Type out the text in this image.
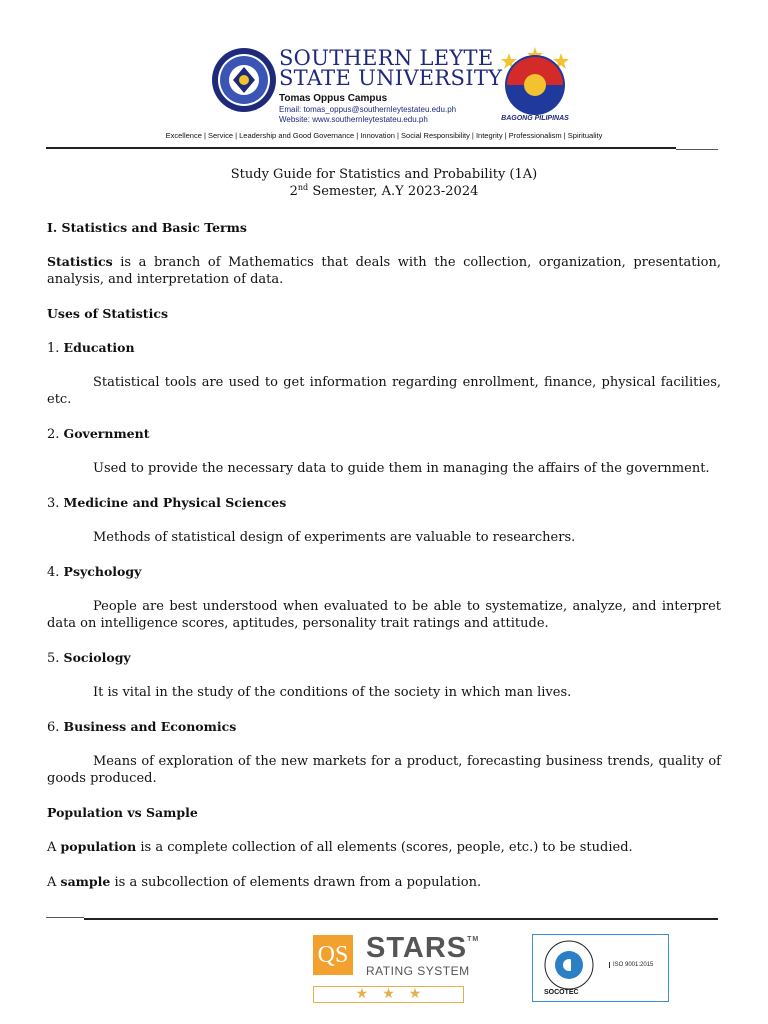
SOUTHERN LEYTE
STATE UNIVERSITY
Tomas Oppus Campus
Email: tomas_oppus@southernleytestateu.edu.ph
Website: www.southernleytestateu.edu.ph	BAGONG PILIPINAS
Excellence | Service | Leadership and Good Governance | Innovation | Social Responsibility | Integrity | Professionalism | Spirituality
Study Guide for Statistics and Probability (1A)
2nd Semester, A.Y 2023-2024

I. Statistics and Basic Terms

Statistics is a branch of Mathematics that deals with the collection, organization, presentation, analysis, and interpretation of data.

Uses of Statistics

1. Education

Statistical tools are used to get information regarding enrollment, finance, physical facilities, etc.

2. Government

Used to provide the necessary data to guide them in managing the affairs of the government.

3. Medicine and Physical Sciences

Methods of statistical design of experiments are valuable to researchers.

4. Psychology

People are best understood when evaluated to be able to systematize, analyze, and interpret data on intelligence scores, aptitudes, personality trait ratings and attitude.

5. Sociology

It is vital in the study of the conditions of the society in which man lives.

6. Business and Economics

Means of exploration of the new markets for a product, forecasting business trends, quality of goods produced.

Population vs Sample

A population is a complete collection of all elements (scores, people, etc.) to be studied.

A sample is a subcollection of elements drawn from a population.

QS STARS™
RATING SYSTEM
★★★
ISO 9001:2015
SOCOTEC
